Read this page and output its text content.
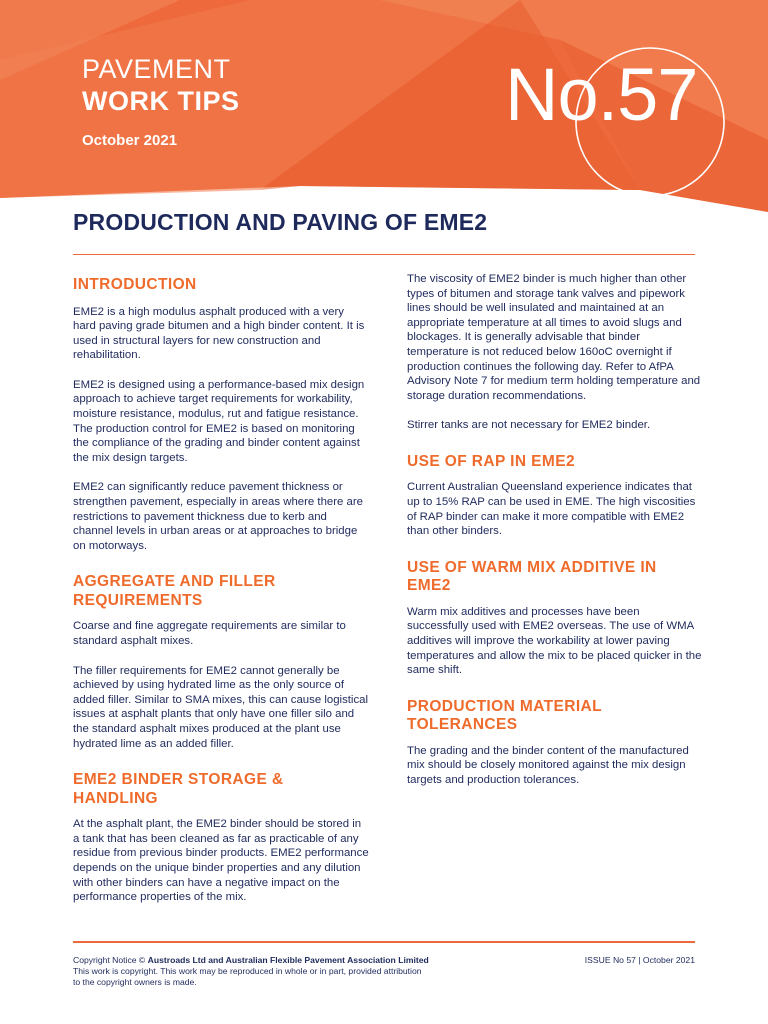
PAVEMENT
WORK TIPS
October 2021
No.57
PRODUCTION AND PAVING OF EME2
INTRODUCTION

EME2 is a high modulus asphalt produced with a very hard paving grade bitumen and a high binder content. It is used in structural layers for new construction and rehabilitation.

EME2 is designed using a performance-based mix design approach to achieve target requirements for workability, moisture resistance, modulus, rut and fatigue resistance. The production control for EME2 is based on monitoring the compliance of the grading and binder content against the mix design targets.

EME2 can significantly reduce pavement thickness or strengthen pavement, especially in areas where there are restrictions to pavement thickness due to kerb and channel levels in urban areas or at approaches to bridge on motorways.

AGGREGATE AND FILLER REQUIREMENTS

Coarse and fine aggregate requirements are similar to standard asphalt mixes.

The filler requirements for EME2 cannot generally be achieved by using hydrated lime as the only source of added filler. Similar to SMA mixes, this can cause logistical issues at asphalt plants that only have one filler silo and the standard asphalt mixes produced at the plant use hydrated lime as an added filler.

EME2 BINDER STORAGE & HANDLING

At the asphalt plant, the EME2 binder should be stored in a tank that has been cleaned as far as practicable of any residue from previous binder products. EME2 performance depends on the unique binder properties and any dilution with other binders can have a negative impact on the performance properties of the mix.

The viscosity of EME2 binder is much higher than other types of bitumen and storage tank valves and pipework lines should be well insulated and maintained at an appropriate temperature at all times to avoid slugs and blockages. It is generally advisable that binder temperature is not reduced below 160oC overnight if production continues the following day. Refer to AfPA Advisory Note 7 for medium term holding temperature and storage duration recommendations.

Stirrer tanks are not necessary for EME2 binder.

USE OF RAP IN EME2

Current Australian Queensland experience indicates that up to 15% RAP can be used in EME. The high viscosities of RAP binder can make it more compatible with EME2 than other binders.

USE OF WARM MIX ADDITIVE IN EME2

Warm mix additives and processes have been successfully used with EME2 overseas. The use of WMA additives will improve the workability at lower paving temperatures and allow the mix to be placed quicker in the same shift.

PRODUCTION MATERIAL TOLERANCES

The grading and the binder content of the manufactured mix should be closely monitored against the mix design targets and production tolerances.

Copyright Notice © Austroads Ltd and Australian Flexible Pavement Association Limited
This work is copyright. This work may be reproduced in whole or in part, provided attribution
to the copyright owners is made.
ISSUE No 57 | October 2021
